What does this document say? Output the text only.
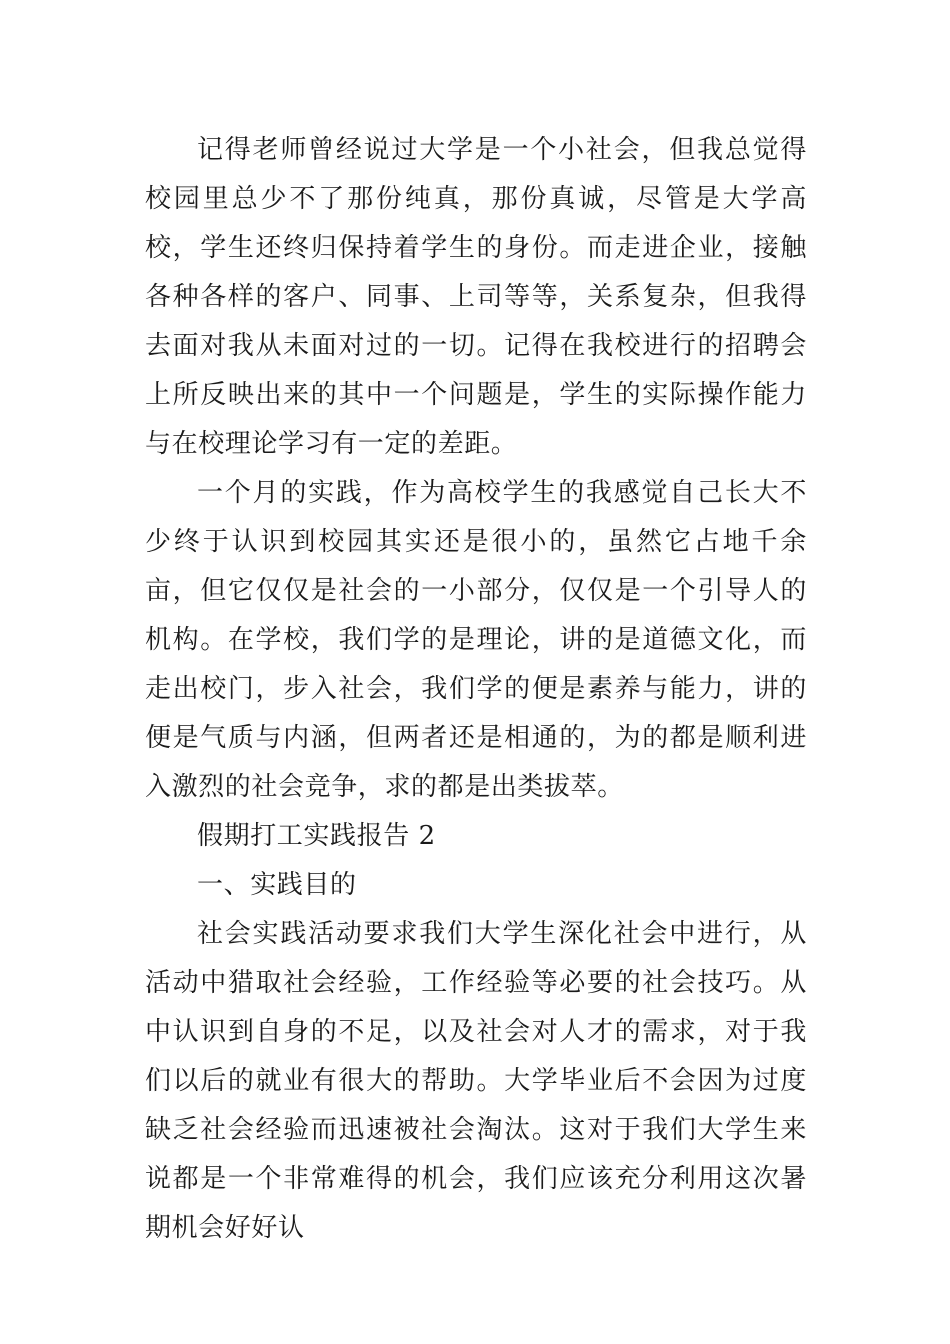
记得老师曾经说过大学是一个小社会，但我总觉得校园里总少不了那份纯真，那份真诚，尽管是大学高校，学生还终归保持着学生的身份。而走进企业，接触各种各样的客户、同事、上司等等，关系复杂，但我得去面对我从未面对过的一切。记得在我校进行的招聘会上所反映出来的其中一个问题是，学生的实际操作能力与在校理论学习有一定的差距。

一个月的实践，作为高校学生的我感觉自己长大不少终于认识到校园其实还是很小的，虽然它占地千余亩，但它仅仅是社会的一小部分，仅仅是一个引导人的机构。在学校，我们学的是理论，讲的是道德文化，而走出校门，步入社会，我们学的便是素养与能力，讲的便是气质与内涵，但两者还是相通的，为的都是顺利进入激烈的社会竞争，求的都是出类拔萃。

假期打工实践报告 2

一、实践目的

社会实践活动要求我们大学生深化社会中进行，从活动中猎取社会经验，工作经验等必要的社会技巧。从中认识到自身的不足，以及社会对人才的需求，对于我们以后的就业有很大的帮助。大学毕业后不会因为过度缺乏社会经验而迅速被社会淘汰。这对于我们大学生来说都是一个非常难得的机会，我们应该充分利用这次暑期机会好好认
